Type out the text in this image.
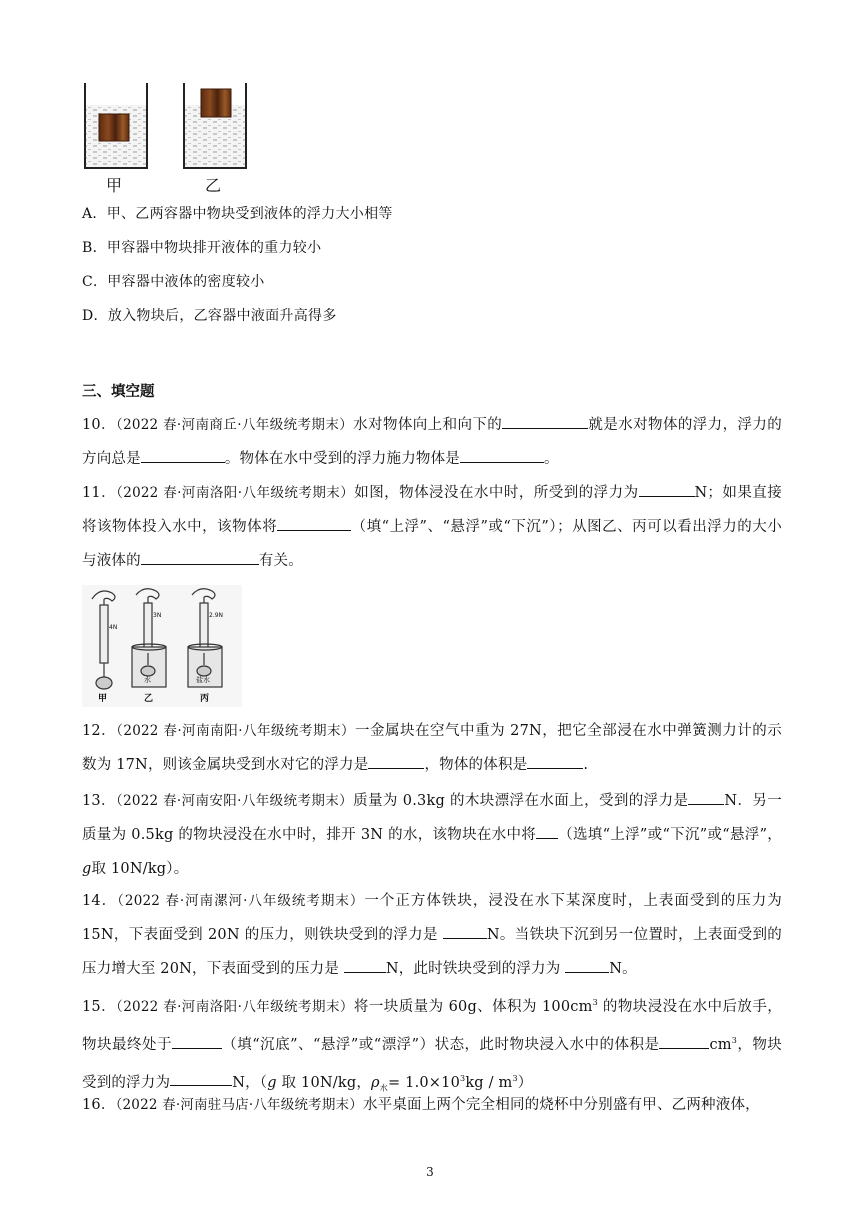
甲	乙
A．甲、乙两容器中物块受到液体的浮力大小相等
B．甲容器中物块排开液体的重力较小
C．甲容器中液体的密度较小
D．放入物块后，乙容器中液面升高得多
三、填空题
10．（2022 春·河南商丘·八年级统考期末）水对物体向上和向下的	就是水对物体的浮力，浮力的方向总是	。物体在水中受到的浮力施力物体是	。
11．（2022 春·河南洛阳·八年级统考期末）如图，物体浸没在水中时，所受到的浮力为	N；如果直接将该物体投入水中，该物体将	（填“上浮”、“悬浮”或“下沉”）；从图乙、丙可以看出浮力的大小与液体的	有关。
4N
3N
水
2.9N
盐水
甲	乙	丙
12．（2022 春·河南南阳·八年级统考期末）一金属块在空气中重为 27N，把它全部浸在水中弹簧测力计的示数为 17N，则该金属块受到水对它的浮力是	，物体的体积是	.
13．（2022 春·河南安阳·八年级统考期末）质量为 0.3kg 的木块漂浮在水面上，受到的浮力是 N．另一质量为 0.5kg 的物块浸没在水中时，排开 3N 的水，该物块在水中将 （选填“上浮”或“下沉”或“悬浮”，g取 10N/kg）。
14．（2022 春·河南漯河·八年级统考期末）一个正方体铁块，浸没在水下某深度时，上表面受到的压力为 15N，下表面受到 20N 的压力，则铁块受到的浮力是	N。当铁块下沉到另一位置时，上表面受到的压力增大至 20N，下表面受到的压力是	N，此时铁块受到的浮力为	N。
15．（2022 春·河南洛阳·八年级统考期末）将一块质量为 60g、体积为 $100cm^3$ 的物块浸没在水中后放手，物块最终处于	（填“沉底”、“悬浮”或“漂浮”）状态，此时物块浸入水中的体积是	$cm^3$，物块受到的浮力为	N，（g 取 10N/kg，$\rho_水= 1.0\times 10^3kg / m^3$）
16．（2022 春·河南驻马店·八年级统考期末）水平桌面上两个完全相同的烧杯中分别盛有甲、乙两种液体，
3
